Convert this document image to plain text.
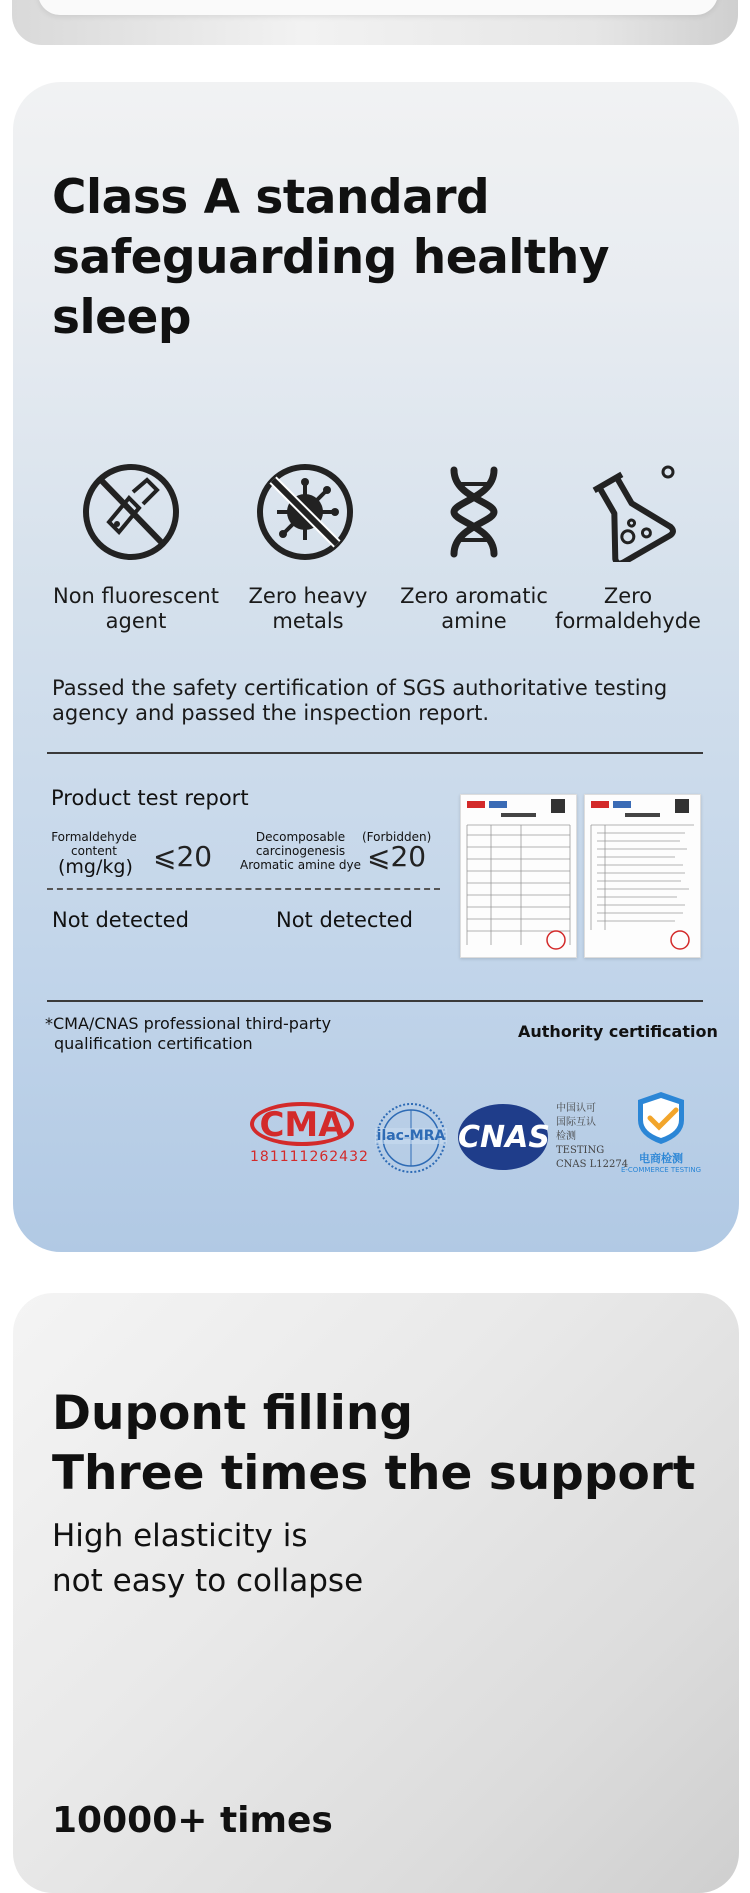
Class A standard
safeguarding healthy sleep
Non fluorescent
agent
Zero heavy
metals
Zero aromatic
amine
Zero
formaldehyde
Passed the safety certification of SGS authoritative testing
agency and passed the inspection report.
Product test report
Formaldehyde
content
(mg/kg) ⩽20
Decomposable
carcinogenesis
Aromatic amine dye
(Forbidden)
⩽20
Not detected	Not detected
*CMA/CNAS professional third-party
qualification certification
Authority certification
CMA
181111262432
ilac-MRA CNAS
中国认可
国际互认
检测
TESTING
CNAS L12274 电商检测
E-COMMERCE TESTING
Dupont filling
Three times the support
High elasticity is
not easy to collapse
10000+ times
